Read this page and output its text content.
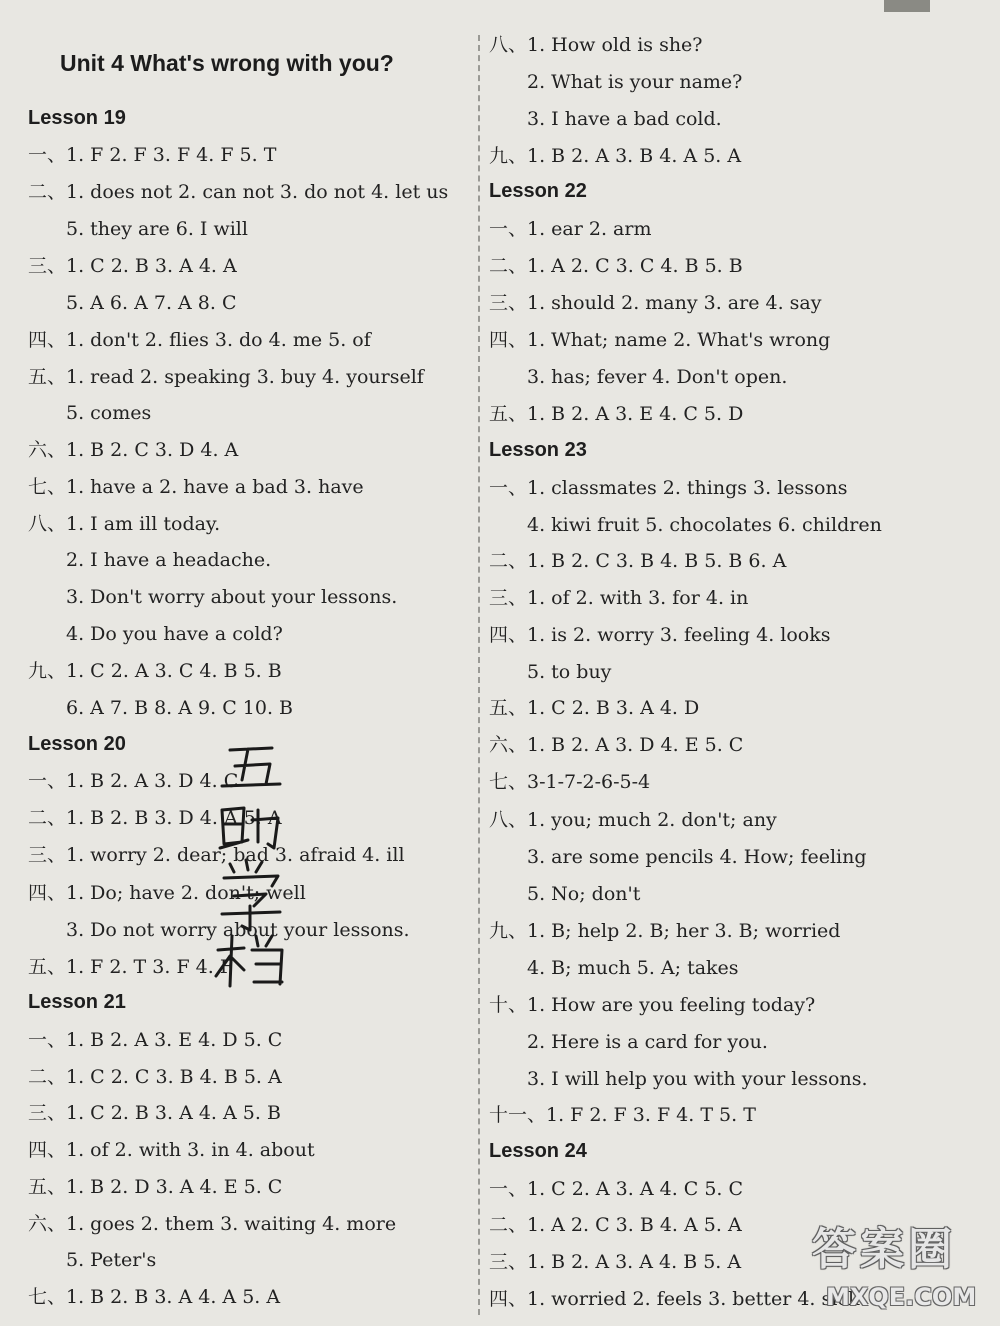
Unit 4 What's wrong with you?
Lesson 19
一、1. F 2. F 3. F 4. F 5. T
二、1. does not 2. can not 3. do not 4. let us
5. they are 6. I will
三、1. C 2. B 3. A 4. A
5. A 6. A 7. A 8. C
四、1. don't 2. flies 3. do 4. me 5. of
五、1. read 2. speaking 3. buy 4. yourself
5. comes
六、1. B 2. C 3. D 4. A
七、1. have a 2. have a bad 3. have
八、1. I am ill today.
2. I have a headache.
3. Don't worry about your lessons.
4. Do you have a cold?
九、1. C 2. A 3. C 4. B 5. B
6. A 7. B 8. A 9. C 10. B
Lesson 20
一、1. B 2. A 3. D 4. C
二、1. B 2. B 3. D 4. A 5. A
三、1. worry 2. dear; bad 3. afraid 4. ill
四、1. Do; have 2. don't; well
3. Do not worry about your lessons.
五、1. F 2. T 3. F 4. F
Lesson 21
一、1. B 2. A 3. E 4. D 5. C
二、1. C 2. C 3. B 4. B 5. A
三、1. C 2. B 3. A 4. A 5. B
四、1. of 2. with 3. in 4. about
五、1. B 2. D 3. A 4. E 5. C
六、1. goes 2. them 3. waiting 4. more
5. Peter's
七、1. B 2. B 3. A 4. A 5. A
八、1. How old is she?
2. What is your name?
3. I have a bad cold.
九、1. B 2. A 3. B 4. A 5. A
Lesson 22
一、1. ear 2. arm
二、1. A 2. C 3. C 4. B 5. B
三、1. should 2. many 3. are 4. say
四、1. What; name 2. What's wrong
3. has; fever 4. Don't open.
五、1. B 2. A 3. E 4. C 5. D
Lesson 23
一、1. classmates 2. things 3. lessons
4. kiwi fruit 5. chocolates 6. children
二、1. B 2. C 3. B 4. B 5. B 6. A
三、1. of 2. with 3. for 4. in
四、1. is 2. worry 3. feeling 4. looks
5. to buy
五、1. C 2. B 3. A 4. D
六、1. B 2. A 3. D 4. E 5. C
七、3-1-7-2-6-5-4
八、1. you; much 2. don't; any
3. are some pencils 4. How; feeling
5. No; don't
九、1. B; help 2. B; her 3. B; worried
4. B; much 5. A; takes
十、1. How are you feeling today?
2. Here is a card for you.
3. I will help you with your lessons.
十一、1. F 2. F 3. F 4. T 5. T
Lesson 24
一、1. C 2. A 3. A 4. C 5. C
二、1. A 2. C 3. B 4. A 5. A
三、1. B 2. A 3. A 4. B 5. A
四、1. worried 2. feels 3. better 4. sick
答案圈
MXQE.COM
